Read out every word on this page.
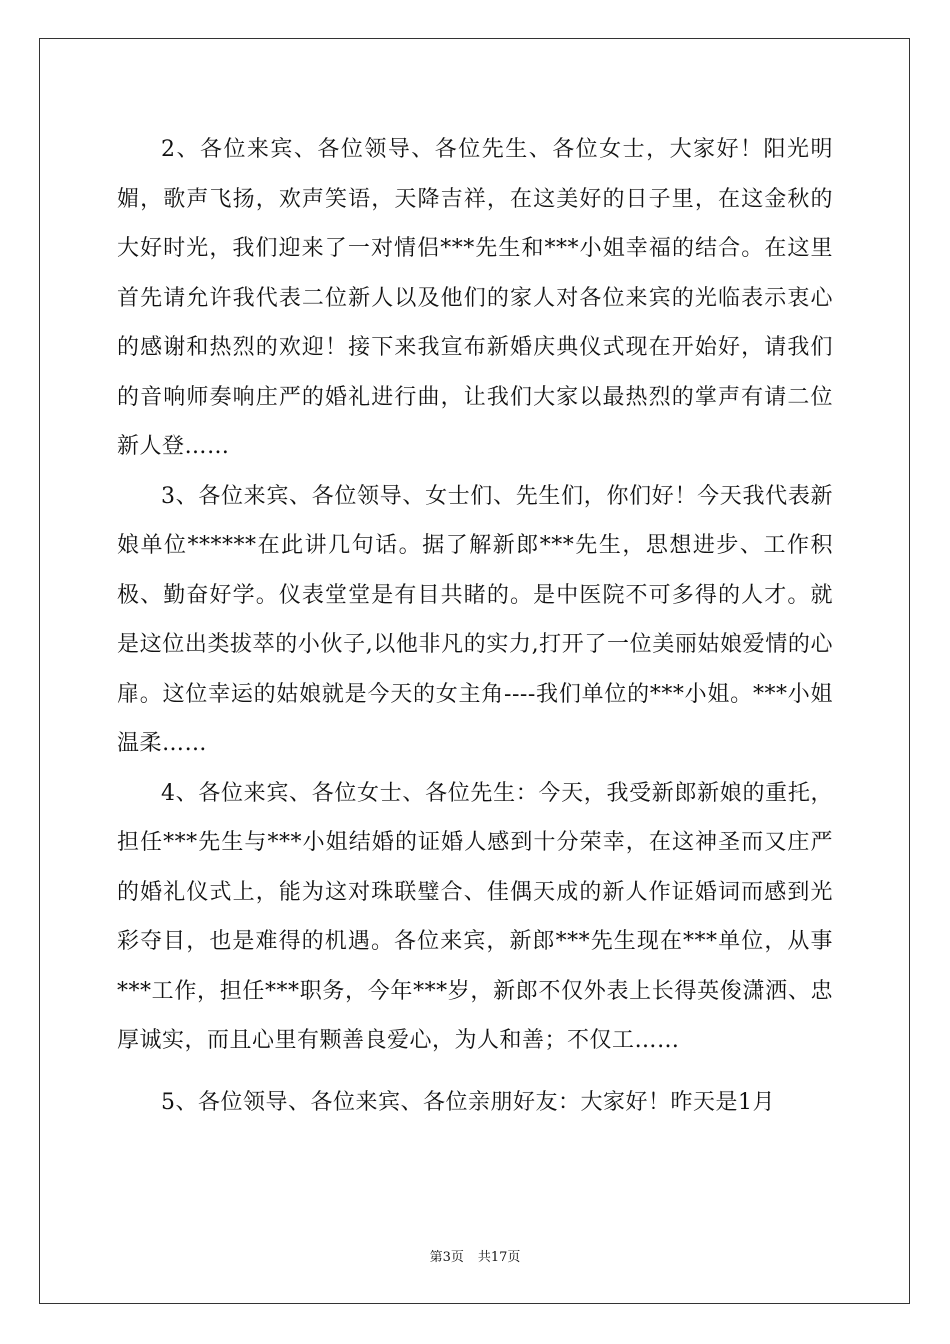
2、各位来宾、各位领导、各位先生、各位女士，大家好！阳光明媚，歌声飞扬，欢声笑语，天降吉祥，在这美好的日子里，在这金秋的大好时光，我们迎来了一对情侣***先生和***小姐幸福的结合。在这里首先请允许我代表二位新人以及他们的家人对各位来宾的光临表示衷心的感谢和热烈的欢迎！接下来我宣布新婚庆典仪式现在开始好，请我们的音响师奏响庄严的婚礼进行曲，让我们大家以最热烈的掌声有请二位新人登……

3、各位来宾、各位领导、女士们、先生们，你们好！今天我代表新娘单位******在此讲几句话。据了解新郎***先生，思想进步、工作积极、勤奋好学。仪表堂堂是有目共睹的。是中医院不可多得的人才。就是这位出类拔萃的小伙子,以他非凡的实力,打开了一位美丽姑娘爱情的心扉。这位幸运的姑娘就是今天的女主角----我们单位的***小姐。***小姐温柔……

4、各位来宾、各位女士、各位先生：今天，我受新郎新娘的重托，担任***先生与***小姐结婚的证婚人感到十分荣幸，在这神圣而又庄严的婚礼仪式上，能为这对珠联璧合、佳偶天成的新人作证婚词而感到光彩夺目，也是难得的机遇。各位来宾，新郎***先生现在***单位，从事***工作，担任***职务，今年***岁，新郎不仅外表上长得英俊潇洒、忠厚诚实，而且心里有颗善良爱心，为人和善；不仅工……

5、各位领导、各位来宾、各位亲朋好友：大家好！昨天是1月

第3页 共17页
